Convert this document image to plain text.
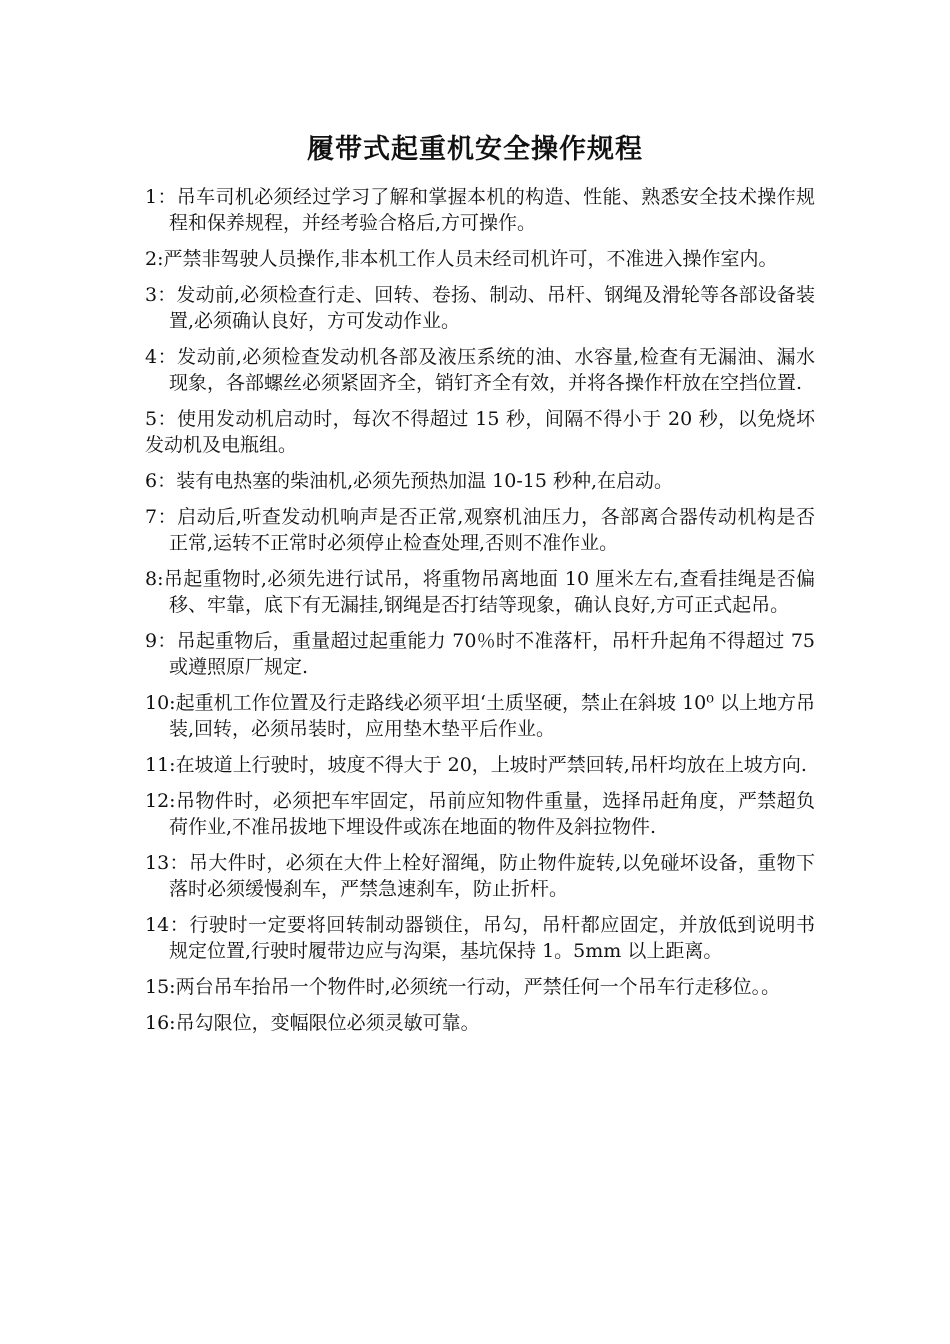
履带式起重机安全操作规程

1：吊车司机必须经过学习了解和掌握本机的构造、性能、熟悉安全技术操作规程和保养规程，并经考验合格后,方可操作。

2:严禁非驾驶人员操作,非本机工作人员未经司机许可，不准进入操作室内。

3：发动前,必须检查行走、回转、卷扬、制动、吊杆、钢绳及滑轮等各部设备装置,必须确认良好，方可发动作业。

4：发动前,必须检查发动机各部及液压系统的油、水容量,检查有无漏油、漏水现象，各部螺丝必须紧固齐全，销钉齐全有效，并将各操作杆放在空挡位置.

5：使用发动机启动时，每次不得超过 15 秒，间隔不得小于 20 秒，以免烧坏发动机及电瓶组。

6：装有电热塞的柴油机,必须先预热加温 10-15 秒种,在启动。

7：启动后,听查发动机响声是否正常,观察机油压力，各部离合器传动机构是否正常,运转不正常时必须停止检查处理,否则不准作业。

8:吊起重物时,必须先进行试吊，将重物吊离地面 10 厘米左右,查看挂绳是否偏移、牢靠，底下有无漏挂,钢绳是否打结等现象，确认良好,方可正式起吊。

9：吊起重物后，重量超过起重能力 70％时不准落杆，吊杆升起角不得超过 75 或遵照原厂规定.

10:起重机工作位置及行走路线必须平坦‘土质坚硬，禁止在斜坡 10⁰ 以上地方吊装,回转，必须吊装时，应用垫木垫平后作业。

11:在坡道上行驶时，坡度不得大于 20，上坡时严禁回转,吊杆均放在上坡方向.

12:吊物件时，必须把车牢固定，吊前应知物件重量，选择吊赶角度，严禁超负荷作业,不准吊拔地下埋设件或冻在地面的物件及斜拉物件.

13：吊大件时，必须在大件上栓好溜绳，防止物件旋转,以免碰坏设备，重物下落时必须缓慢刹车，严禁急速刹车，防止折杆。

14：行驶时一定要将回转制动器锁住，吊勾，吊杆都应固定，并放低到说明书规定位置,行驶时履带边应与沟渠，基坑保持 1。5mm 以上距离。

15:两台吊车抬吊一个物件时,必须统一行动，严禁任何一个吊车行走移位。。

16:吊勾限位，变幅限位必须灵敏可靠。
